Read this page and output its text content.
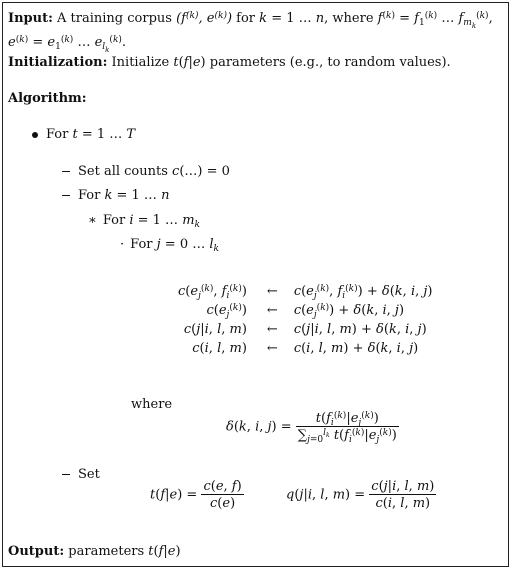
Input: A training corpus ($f^{(k)}$, $e^{(k)}$) for k = 1 … n, where $f^{(k)} = f_1^{(k)}$ … $f_{m_k}^{(k)}$,
$e^{(k)} = e_1^{(k)}$ … $e_{l_k}^{(k)}$.
Initialization: Initialize t(f|e) parameters (e.g., to random values).
Algorithm:
For t = 1 … T
Set all counts c(…) = 0
For k = 1 … n
∗ For i = 1 … $m_k$
· For j = 0 … $l_k$
$c(e_j^{(k)}$, $f_i^{(k)}$)	←	$c(e_j^{(k)}$, $f_i^{(k)}) + \delta(k$, i, j)
$c(e_j^{(k)})$	←	$c(e_j^{(k)}) + \delta(k$, i, j)
c(j|i, l, m)	←	c(j|i, l, m) + δ(k, i, j)
c(i, l, m)	←	c(i, l, m) + δ(k, i, j)
where
δ(k, i, $j) = \frac{t(f_i^{(k)}|e_j^{(k)})}{\sum_{j=0}^{l_k} t(f_i^{(k)}|e_j^{(k)})}$
Set
$t(f|e) = \frac{c(e, f)}{c(e)}$	q(j|i, l, $m) = \frac{c(j|i, l, m)}{c(i, l, m)}$
Output: parameters t(f|e)
